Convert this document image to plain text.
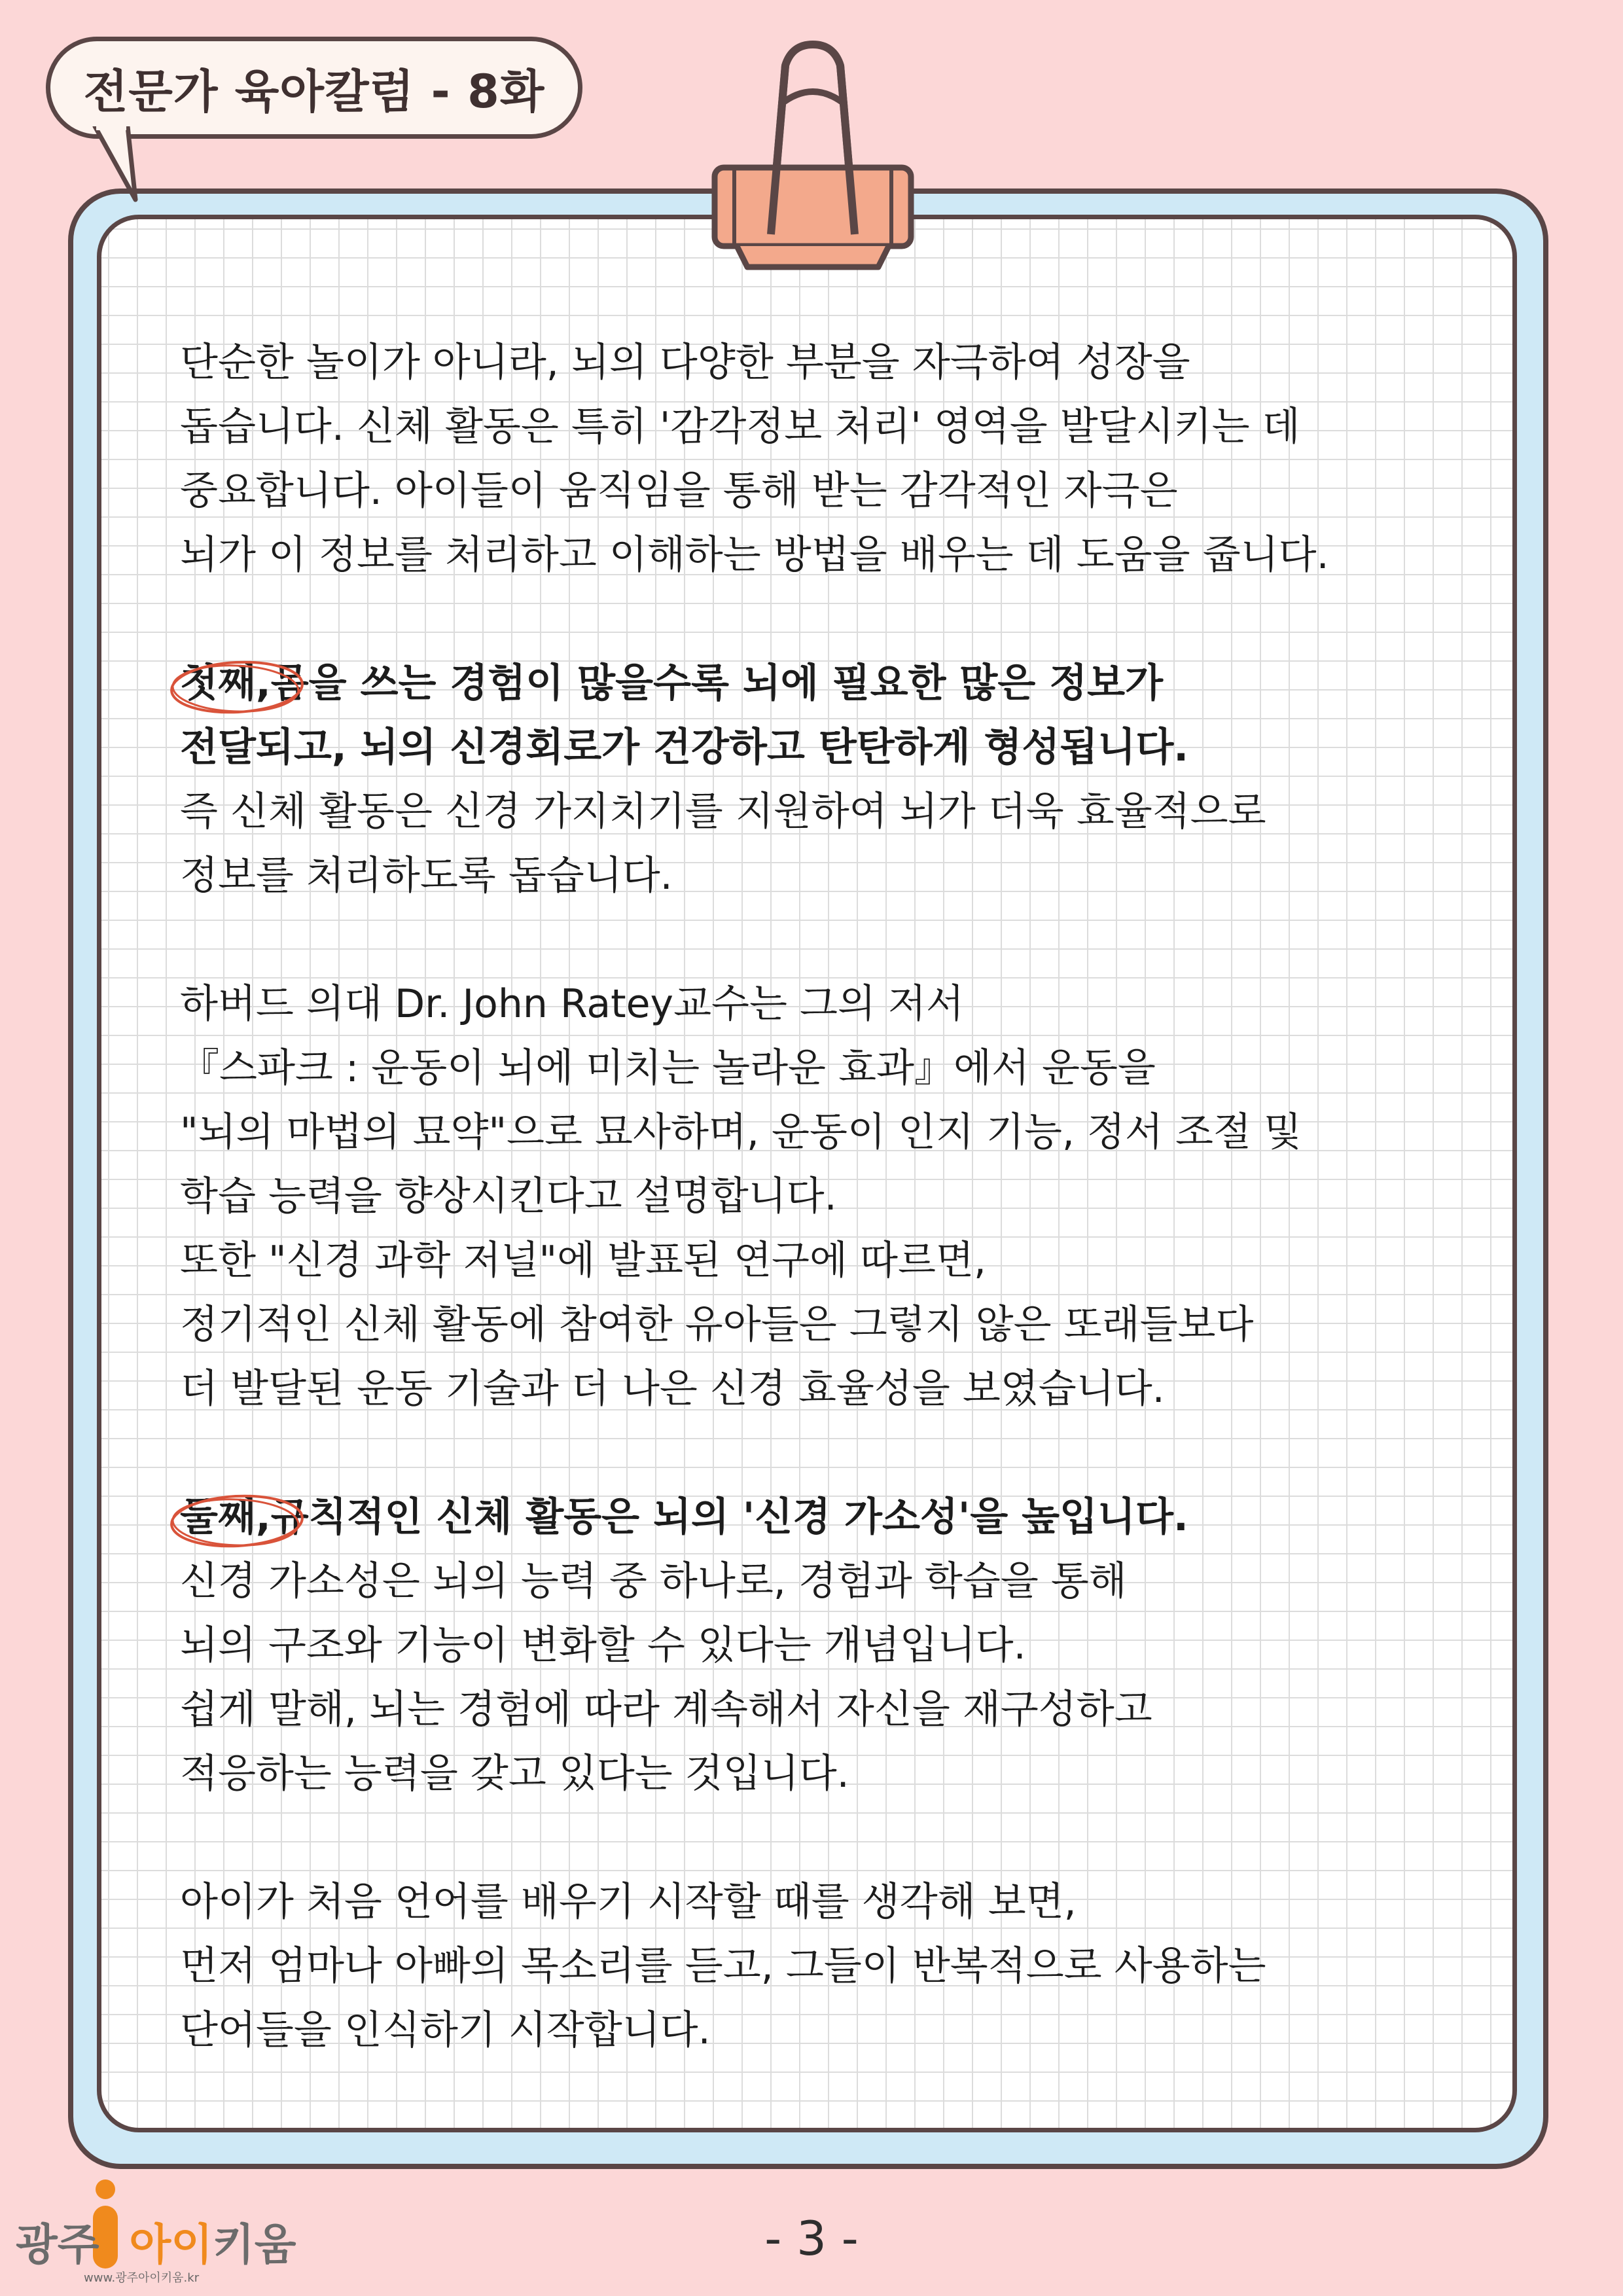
전문가 육아칼럼 - 8화
단순한 놀이가 아니라, 뇌의 다양한 부분을 자극하여 성장을
돕습니다. 신체 활동은 특히 '감각정보 처리' 영역을 발달시키는 데
중요합니다. 아이들이 움직임을 통해 받는 감각적인 자극은
뇌가 이 정보를 처리하고 이해하는 방법을 배우는 데 도움을 줍니다.
첫째,몸을 쓰는 경험이 많을수록 뇌에 필요한 많은 정보가
전달되고, 뇌의 신경회로가 건강하고 탄탄하게 형성됩니다.
즉 신체 활동은 신경 가지치기를 지원하여 뇌가 더욱 효율적으로
정보를 처리하도록 돕습니다.
하버드 의대 Dr. John Ratey교수는 그의 저서
『스파크 : 운동이 뇌에 미치는 놀라운 효과』에서 운동을
"뇌의 마법의 묘약"으로 묘사하며, 운동이 인지 기능, 정서 조절 및
학습 능력을 향상시킨다고 설명합니다.
또한 "신경 과학 저널"에 발표된 연구에 따르면,
정기적인 신체 활동에 참여한 유아들은 그렇지 않은 또래들보다
더 발달된 운동 기술과 더 나은 신경 효율성을 보였습니다.
둘째,규칙적인 신체 활동은 뇌의 '신경 가소성'을 높입니다.
신경 가소성은 뇌의 능력 중 하나로, 경험과 학습을 통해
뇌의 구조와 기능이 변화할 수 있다는 개념입니다.
쉽게 말해, 뇌는 경험에 따라 계속해서 자신을 재구성하고
적응하는 능력을 갖고 있다는 것입니다.
아이가 처음 언어를 배우기 시작할 때를 생각해 보면,
먼저 엄마나 아빠의 목소리를 듣고, 그들이 반복적으로 사용하는
단어들을 인식하기 시작합니다.
광주 아이키움
www.광주아이키움.kr
- 3 -
